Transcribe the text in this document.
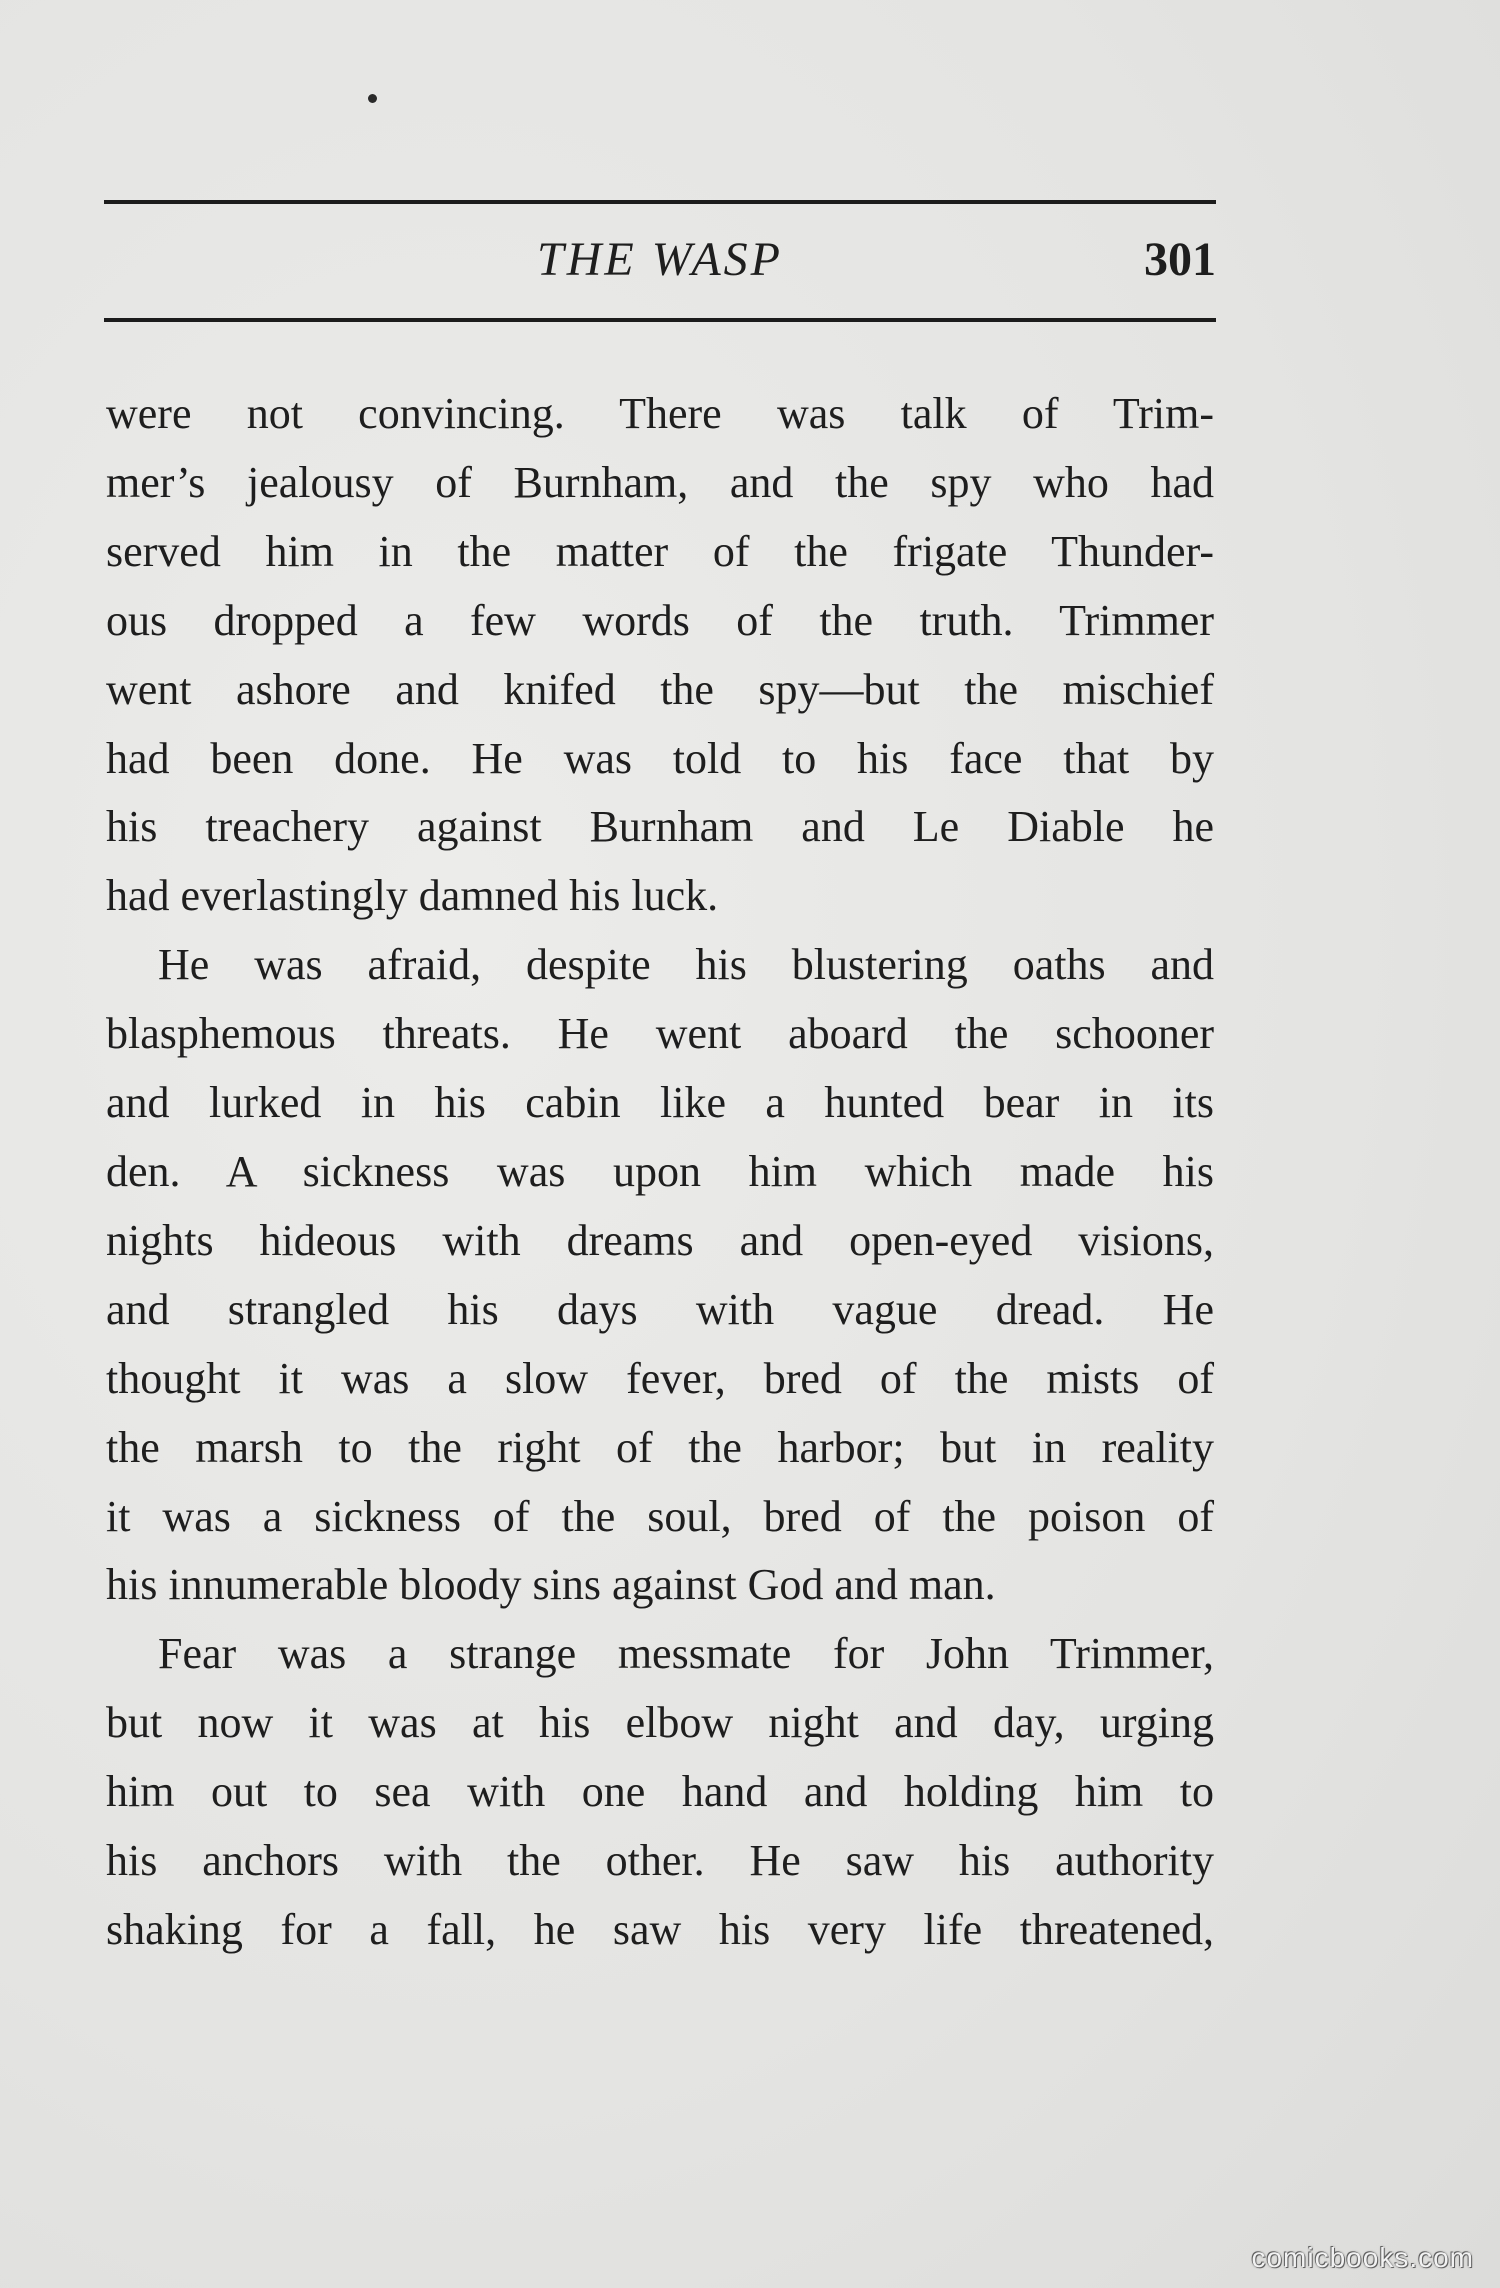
THE WASP	301

were not convincing. There was talk of Trim-
mer’s jealousy of Burnham, and the spy who had
served him in the matter of the frigate Thunder-
ous dropped a few words of the truth. Trimmer
went ashore and knifed the spy—but the mischief
had been done. He was told to his face that by
his treachery against Burnham and Le Diable he
had everlastingly damned his luck.

He was afraid, despite his blustering oaths and
blasphemous threats. He went aboard the schooner
and lurked in his cabin like a hunted bear in its
den. A sickness was upon him which made his
nights hideous with dreams and open-eyed visions,
and strangled his days with vague dread. He
thought it was a slow fever, bred of the mists of
the marsh to the right of the harbor; but in reality
it was a sickness of the soul, bred of the poison of
his innumerable bloody sins against God and man.

Fear was a strange messmate for John Trimmer,
but now it was at his elbow night and day, urging
him out to sea with one hand and holding him to
his anchors with the other. He saw his authority
shaking for a fall, he saw his very life threatened,

comicbooks.com
